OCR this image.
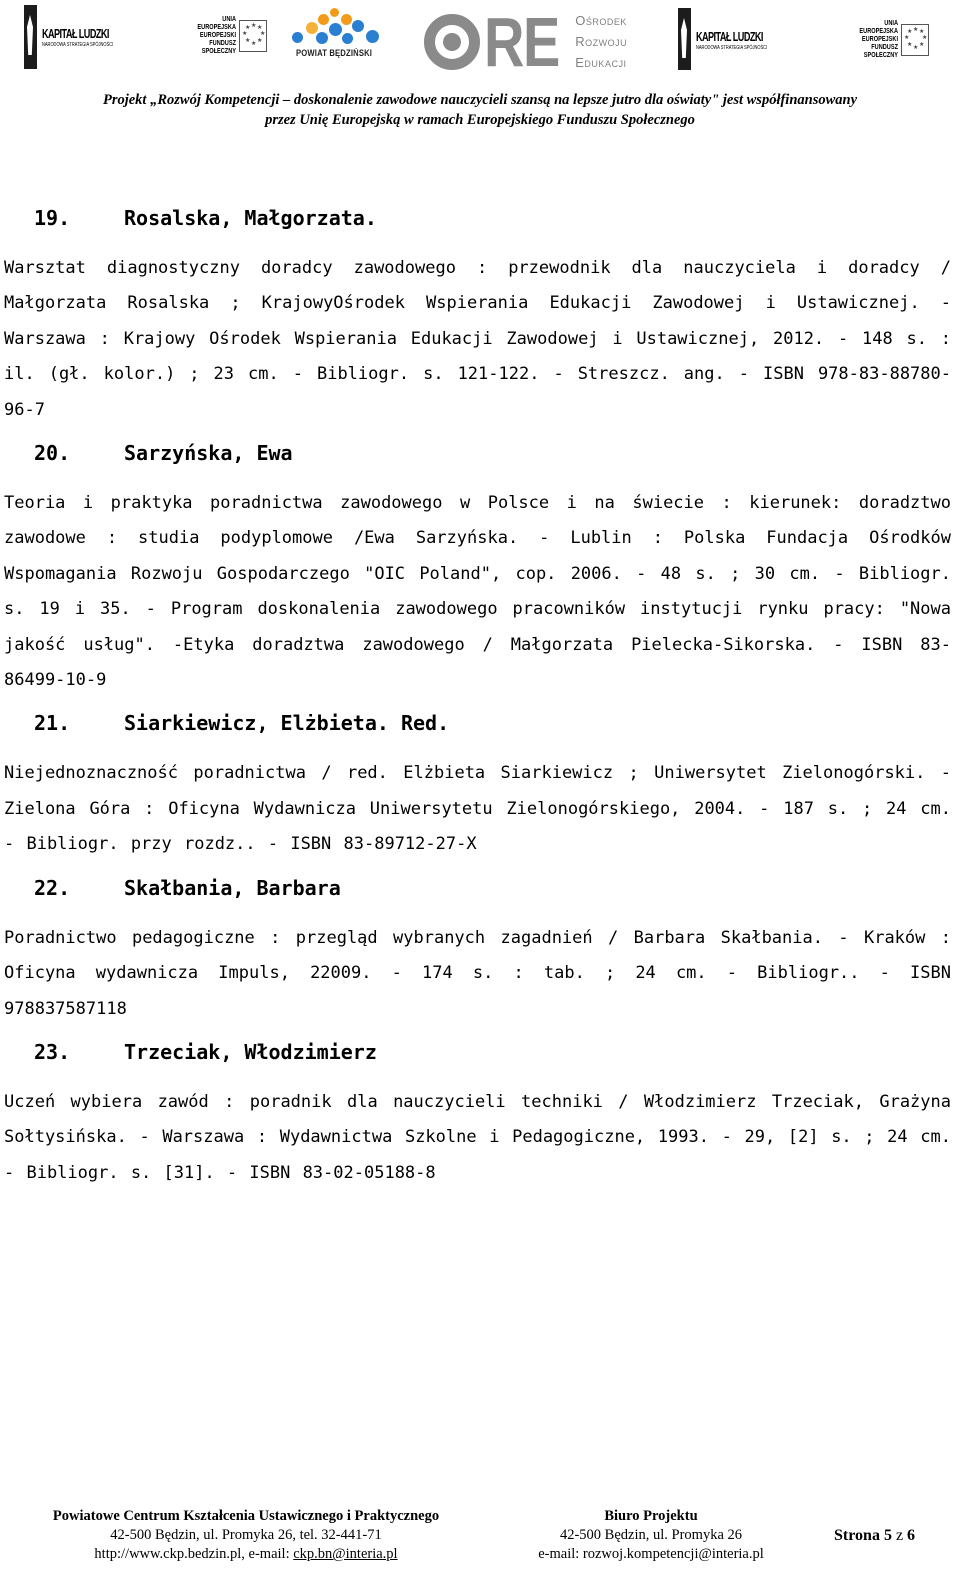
KAPITAŁ LUDZKI
NARODOWA STRATEGIA SPÓJNOŚCI
UNIA EUROPEJSKA
EUROPEJSKI
FUNDUSZ SPOŁECZNY
★ ★
★
★
★
★
★
★
POWIAT BĘDZIŃSKI R E Ośrodek
Rozwoju
Edukacji
KAPITAŁ LUDZKI
NARODOWA STRATEGIA SPÓJNOŚCI
UNIA EUROPEJSKA
EUROPEJSKI
FUNDUSZ SPOŁECZNY
★ ★
★
★
★
★
★
★
Projekt „Rozwój Kompetencji – doskonalenie zawodowe nauczycieli szansą na lepsze jutro dla oświaty" jest współfinansowany
przez Unię Europejską w ramach Europejskiego Funduszu Społecznego
19.	Rosalska, Małgorzata.
Warsztat diagnostyczny doradcy zawodowego : przewodnik dla nauczyciela i doradcy / Małgorzata Rosalska ; KrajowyOśrodek Wspierania Edukacji Zawodowej i Ustawicznej. - Warszawa : Krajowy Ośrodek Wspierania Edukacji Zawodowej i Ustawicznej, 2012. - 148 s. : il. (gł. kolor.) ; 23 cm. - Bibliogr. s. 121-122. - Streszcz. ang. - ISBN 978-83-88780-96-7
20.	Sarzyńska, Ewa
Teoria i praktyka poradnictwa zawodowego w Polsce i na świecie : kierunek: doradztwo zawodowe : studia podyplomowe /Ewa Sarzyńska. - Lublin : Polska Fundacja Ośrodków Wspomagania Rozwoju Gospodarczego "OIC Poland", cop. 2006. - 48 s. ; 30 cm. - Bibliogr. s. 19 i 35. - Program doskonalenia zawodowego pracowników instytucji rynku pracy: "Nowa jakość usług". -Etyka doradztwa zawodowego / Małgorzata Pielecka-Sikorska. - ISBN 83-86499-10-9
21.	Siarkiewicz, Elżbieta. Red.
Niejednoznaczność poradnictwa / red. Elżbieta Siarkiewicz ; Uniwersytet Zielonogórski. - Zielona Góra : Oficyna Wydawnicza Uniwersytetu Zielonogórskiego, 2004. - 187 s. ; 24 cm. - Bibliogr. przy rozdz.. - ISBN 83-89712-27-X
22.	Skałbania, Barbara
Poradnictwo pedagogiczne : przegląd wybranych zagadnień / Barbara Skałbania. - Kraków : Oficyna wydawnicza Impuls, 22009. - 174 s. : tab. ; 24 cm. - Bibliogr.. - ISBN 978837587118
23.	Trzeciak, Włodzimierz
Uczeń wybiera zawód : poradnik dla nauczycieli techniki / Włodzimierz Trzeciak, Grażyna Sołtysińska. - Warszawa : Wydawnictwa Szkolne i Pedagogiczne, 1993. - 29, [2] s. ; 24 cm. - Bibliogr. s. [31]. - ISBN 83-02-05188-8
Powiatowe Centrum Kształcenia Ustawicznego i Praktycznego
42-500 Będzin, ul. Promyka 26, tel. 32-441-71
http://www.ckp.bedzin.pl, e-mail: ckp.bn@interia.pl
Biuro Projektu
42-500 Będzin, ul. Promyka 26
e-mail: rozwoj.kompetencji@interia.pl
Strona 5 z 6
